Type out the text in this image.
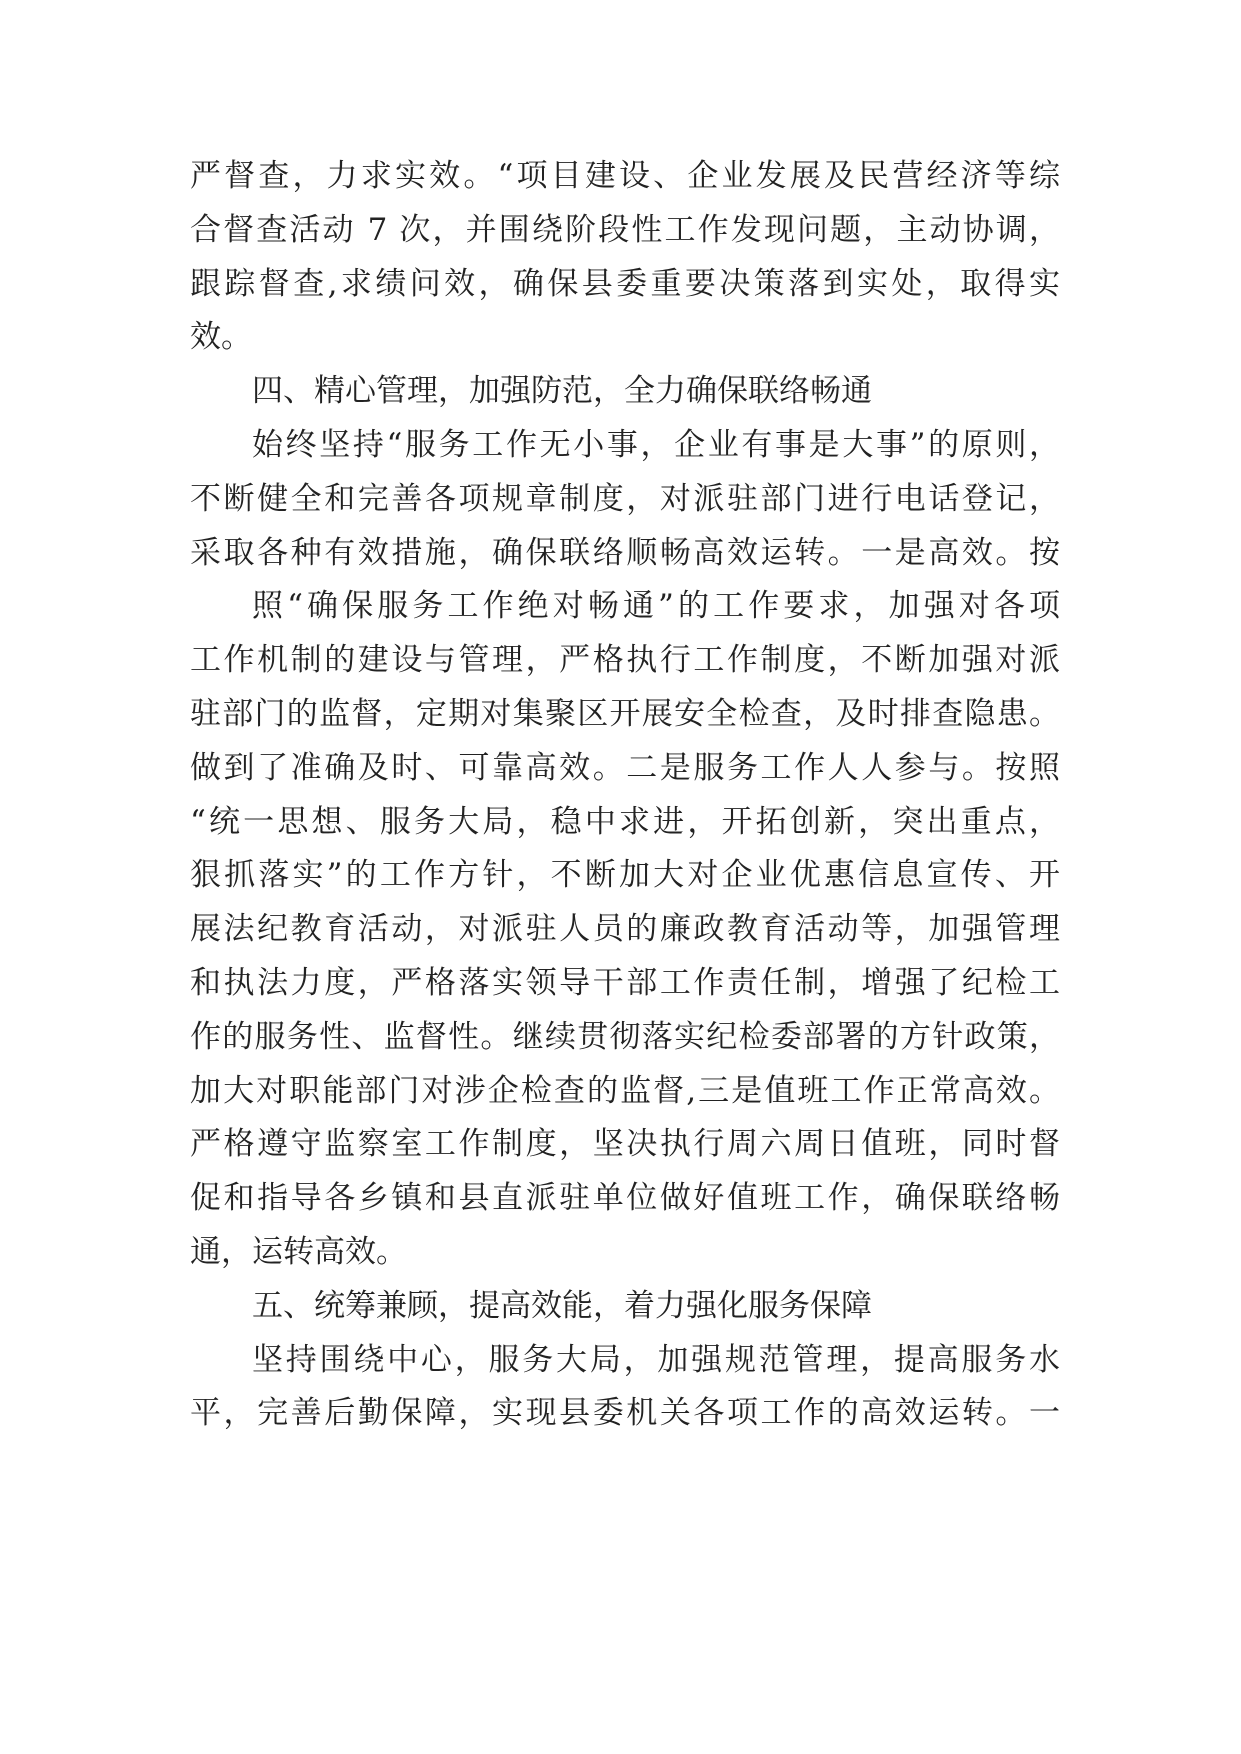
严督查，力求实效。“项目建设、企业发展及民营经济等综
合督查活动 7 次，并围绕阶段性工作发现问题，主动协调，
跟踪督查,求绩问效，确保县委重要决策落到实处，取得实
效。
四、精心管理，加强防范，全力确保联络畅通
始终坚持“服务工作无小事，企业有事是大事”的原则，
不断健全和完善各项规章制度，对派驻部门进行电话登记，
采取各种有效措施，确保联络顺畅高效运转。一是高效。按
照“确保服务工作绝对畅通”的工作要求，加强对各项
工作机制的建设与管理，严格执行工作制度，不断加强对派
驻部门的监督，定期对集聚区开展安全检查，及时排查隐患。
做到了准确及时、可靠高效。二是服务工作人人参与。按照
“统一思想、服务大局，稳中求进，开拓创新，突出重点，
狠抓落实”的工作方针，不断加大对企业优惠信息宣传、开
展法纪教育活动，对派驻人员的廉政教育活动等，加强管理
和执法力度，严格落实领导干部工作责任制，增强了纪检工
作的服务性、监督性。继续贯彻落实纪检委部署的方针政策，
加大对职能部门对涉企检查的监督,三是值班工作正常高效。
严格遵守监察室工作制度，坚决执行周六周日值班，同时督
促和指导各乡镇和县直派驻单位做好值班工作，确保联络畅
通，运转高效。
五、统筹兼顾，提高效能，着力强化服务保障
坚持围绕中心，服务大局，加强规范管理，提高服务水
平，完善后勤保障，实现县委机关各项工作的高效运转。一
